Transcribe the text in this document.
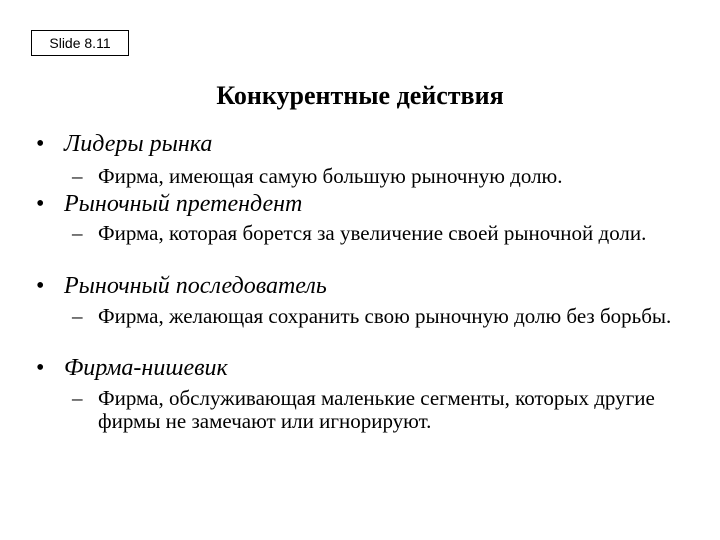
Slide 8.11
Конкурентные действия
• Лидеры рынка
– Фирма, имеющая самую большую рыночную долю.
• Рыночный претендент
– Фирма, которая борется за увеличение своей рыночной доли.
• Рыночный последователь
– Фирма, желающая сохранить свою рыночную долю без борьбы.
• Фирма-нишевик
– Фирма, обслуживающая маленькие сегменты, которых другие фирмы не замечают или игнорируют.
